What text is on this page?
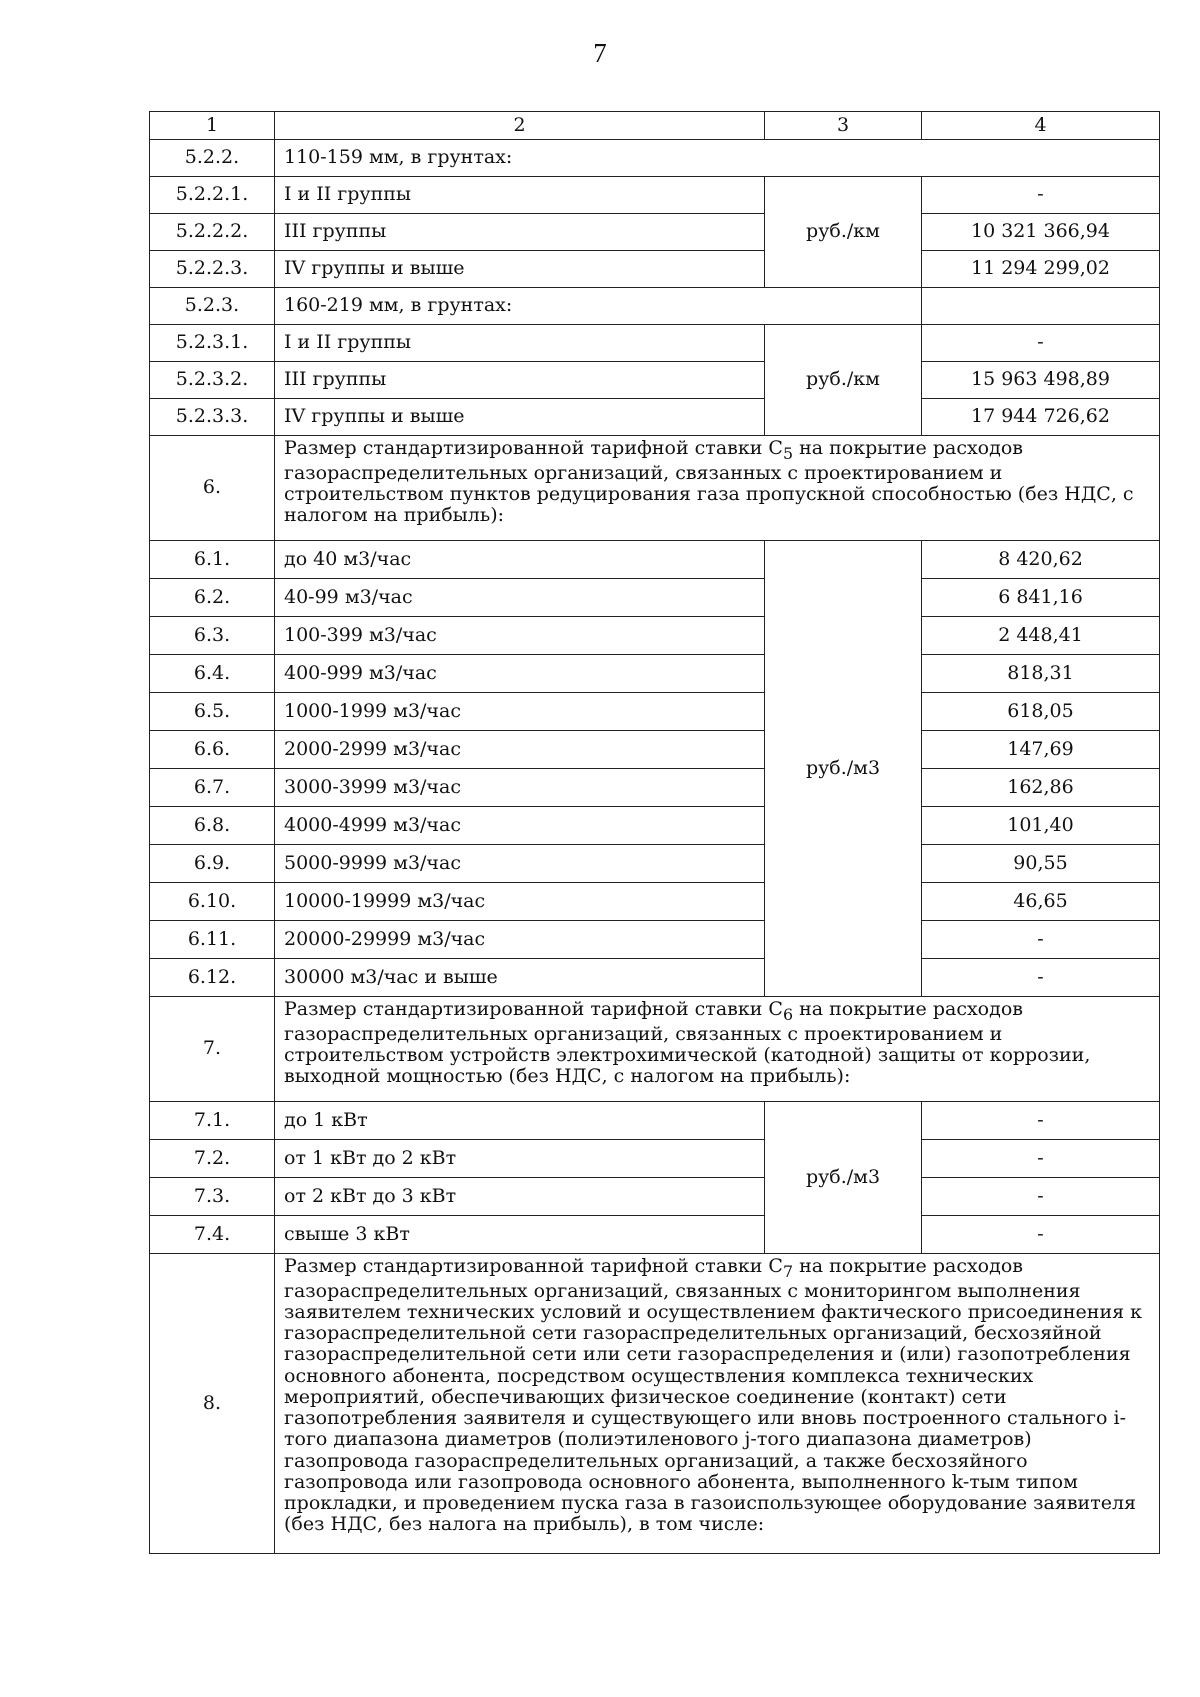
7
1	2	3	4
5.2.2.	110-159 мм, в грунтах:		
5.2.2.1.	I и II группы	руб./км	-
5.2.2.2.	III группы		10 321 366,94
5.2.2.3.	IV группы и выше		11 294 299,02
5.2.3.	160-219 мм, в грунтах:		
5.2.3.1.	I и II группы	руб./км	-
5.2.3.2.	III группы		15 963 498,89
5.2.3.3.	IV группы и выше		17 944 726,62
6.	Размер стандартизированной тарифной ставки $C_5$ на покрытие расходов газораспределительных организаций, связанных с проектированием и строительством пунктов редуцирования газа пропускной способностью (без НДС, с налогом на прибыль):		
6.1.	до 40 м3/час	руб./м3	8 420,62
6.2.	40-99 м3/час		6 841,16
6.3.	100-399 м3/час		2 448,41
6.4.	400-999 м3/час		818,31
6.5.	1000-1999 м3/час		618,05
6.6.	2000-2999 м3/час		147,69
6.7.	3000-3999 м3/час		162,86
6.8.	4000-4999 м3/час		101,40
6.9.	5000-9999 м3/час		90,55
6.10.	10000-19999 м3/час		46,65
6.11.	20000-29999 м3/час		-
6.12.	30000 м3/час и выше		-
7.	Размер стандартизированной тарифной ставки $C_6$ на покрытие расходов газораспределительных организаций, связанных с проектированием и строительством устройств электрохимической (катодной) защиты от коррозии, выходной мощностью (без НДС, с налогом на прибыль):		
7.1.	до 1 кВт	руб./м3	-
7.2.	от 1 кВт до 2 кВт		-
7.3.	от 2 кВт до 3 кВт		-
7.4.	свыше 3 кВт		-
8.	Размер стандартизированной тарифной ставки $C_7$ на покрытие расходов газораспределительных организаций, связанных с мониторингом выполнения заявителем технических условий и осуществлением фактического присоединения к газораспределительной сети газораспределительных организаций, бесхозяйной газораспределительной сети или сети газораспределения и (или) газопотребления основного абонента, посредством осуществления комплекса технических мероприятий, обеспечивающих физическое соединение (контакт) сети газопотребления заявителя и существующего или вновь построенного стального i-того диапазона диаметров (полиэтиленового j-того диапазона диаметров) газопровода газораспределительных организаций, а также бесхозяйного газопровода или газопровода основного абонента, выполненного k-тым типом прокладки, и проведением пуска газа в газоиспользующее оборудование заявителя (без НДС, без налога на прибыль), в том числе:		
